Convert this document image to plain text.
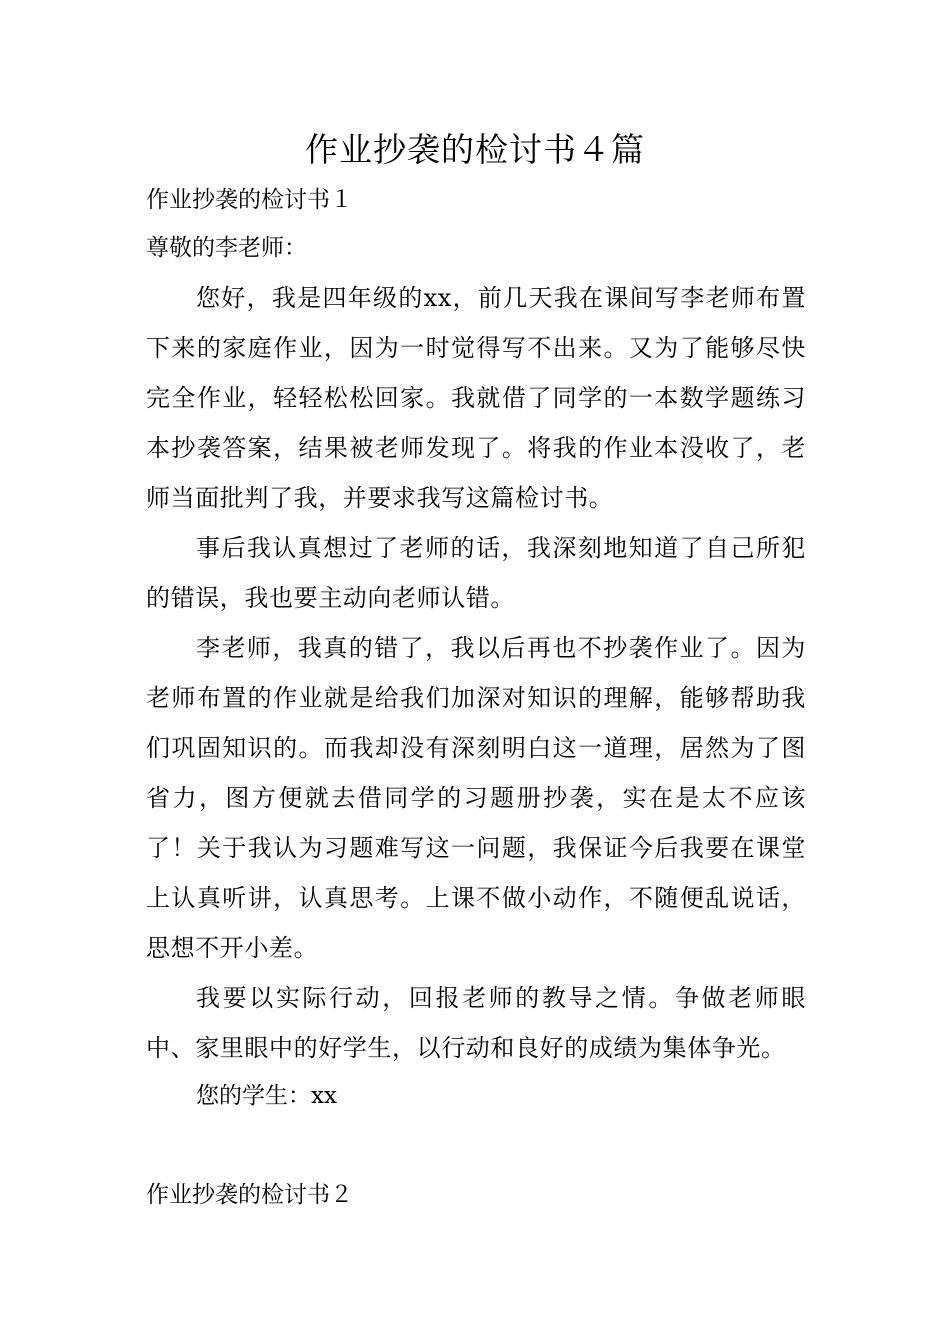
作业抄袭的检讨书４篇
作业抄袭的检讨书１
尊敬的李老师：

您好，我是四年级的xx，前几天我在课间写李老师布置下来的家庭作业，因为一时觉得写不出来。又为了能够尽快完全作业，轻轻松松回家。我就借了同学的一本数学题练习本抄袭答案，结果被老师发现了。将我的作业本没收了，老师当面批判了我，并要求我写这篇检讨书。

事后我认真想过了老师的话，我深刻地知道了自己所犯的错误，我也要主动向老师认错。

李老师，我真的错了，我以后再也不抄袭作业了。因为老师布置的作业就是给我们加深对知识的理解，能够帮助我们巩固知识的。而我却没有深刻明白这一道理，居然为了图省力，图方便就去借同学的习题册抄袭，实在是太不应该了！关于我认为习题难写这一问题，我保证今后我要在课堂上认真听讲，认真思考。上课不做小动作，不随便乱说话，思想不开小差。

我要以实际行动，回报老师的教导之情。争做老师眼中、家里眼中的好学生，以行动和良好的成绩为集体争光。

您的学生：xx
作业抄袭的检讨书２
